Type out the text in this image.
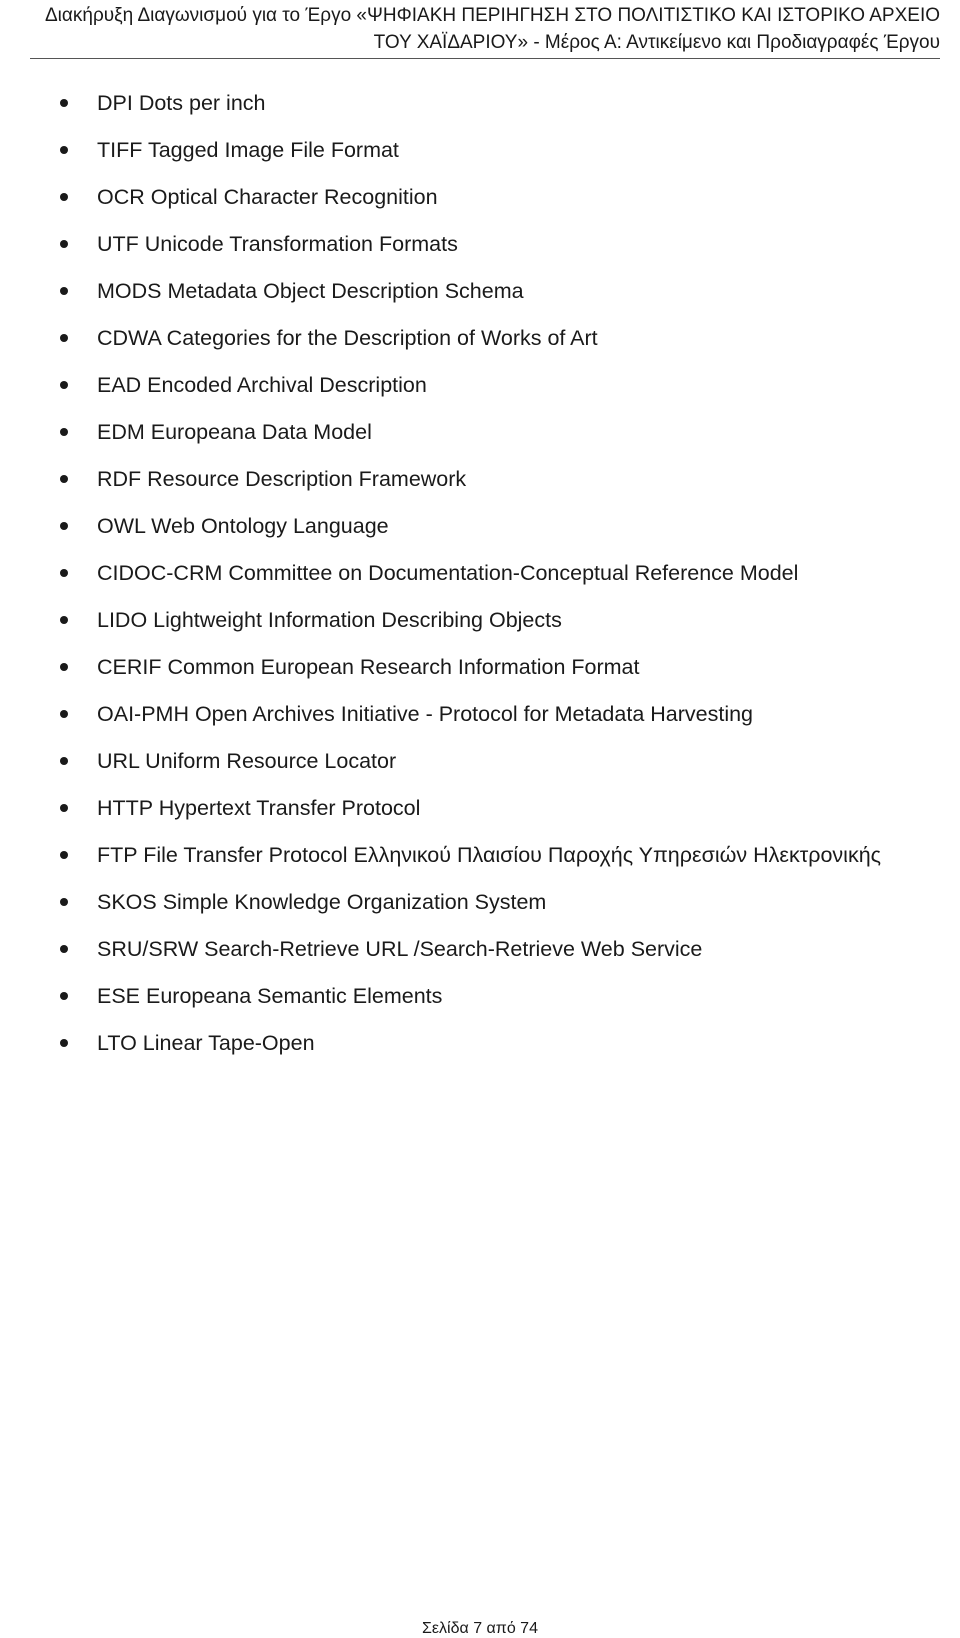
Διακήρυξη Διαγωνισμού για το Έργο «ΨΗΦΙΑΚΗ ΠΕΡΙΗΓΗΣΗ ΣΤΟ ΠΟΛΙΤΙΣΤΙΚΟ ΚΑΙ ΙΣΤΟΡΙΚΟ ΑΡΧΕΙΟ
ΤΟΥ ΧΑΪΔΑΡΙΟΥ» - Μέρος Α: Αντικείμενο και Προδιαγραφές Έργου
DPI Dots per inch
TIFF Tagged Image File Format
OCR Optical Character Recognition
UTF Unicode Transformation Formats
MODS Metadata Object Description Schema
CDWA Categories for the Description of Works of Art
EAD Encoded Archival Description
EDM Europeana Data Model
RDF Resource Description Framework
OWL Web Ontology Language
CIDOC-CRM Committee on Documentation-Conceptual Reference Model
LIDO Lightweight Information Describing Objects
CERIF Common European Research Information Format
OAI-PMH Open Archives Initiative - Protocol for Metadata Harvesting
URL Uniform Resource Locator
HTTP Hypertext Transfer Protocol
FTP File Transfer Protocol Ελληνικού Πλαισίου Παροχής Υπηρεσιών Ηλεκτρονικής
SKOS Simple Knowledge Organization System
SRU/SRW Search-Retrieve URL /Search-Retrieve Web Service
ESE Europeana Semantic Elements
LTO Linear Tape-Open
Σελίδα 7 από 74
